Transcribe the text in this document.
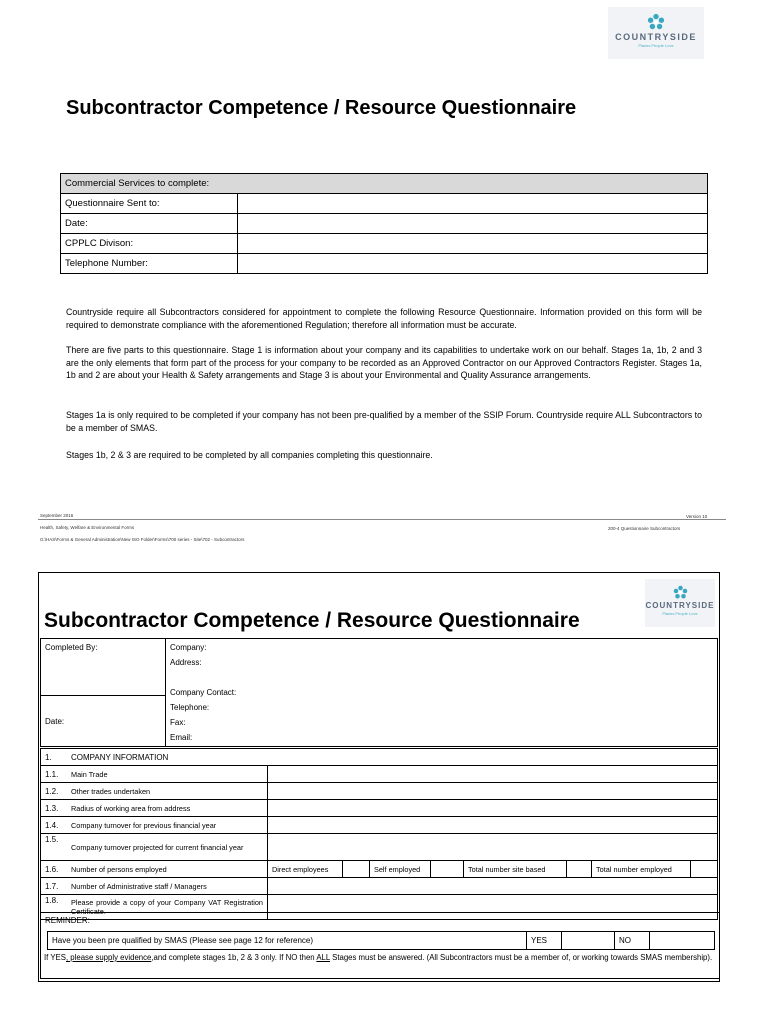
COUNTRYSIDE
Places People Love
Subcontractor Competence / Resource Questionnaire
Commercial Services to complete:	
Questionnaire Sent to:	
Date:	
CPPLC Divison:	
Telephone Number:	
Countryside require all Subcontractors considered for appointment to complete the following Resource Questionnaire. Information provided on this form will be required to demonstrate compliance with the aforementioned Regulation; therefore all information must be accurate.
There are five parts to this questionnaire. Stage 1 is information about your company and its capabilities to undertake work on our behalf. Stages 1a, 1b, 2 and 3 are the only elements that form part of the process for your company to be recorded as an Approved Contractor on our Approved Contractors Register. Stages 1a, 1b and 2 are about your Health & Safety arrangements and Stage 3 is about your Environmental and Quality Assurance arrangements.
Stages 1a is only required to be completed if your company has not been pre-qualified by a member of the SSIP Forum. Countryside require ALL Subcontractors to be a member of SMAS.
Stages 1b, 2 & 3 are required to be completed by all companies completing this questionnaire.
September 2016	Version 10
Health, Safety, Welfare & Environmental Forms	200-4 Questionnaire Subcontractors
G:\HAS\Forms & General Administration\New ISO Folder\Forms\700 series - Site\702 - Subcontractors
COUNTRYSIDE
Places People Love
Subcontractor Competence / Resource Questionnaire
Completed By:	Company:
Address:
Company Contact:
Telephone:
Fax:
Email:

Date:
1.	COMPANY INFORMATION								
1.1.	Main Trade								
1.2.	Other trades undertaken								
1.3.	Radius of working area from address								
1.4.	Company turnover for previous financial year								
1.5.	Company turnover projected for current financial year								
1.6.	Number of persons employed	Direct employees		Self employed		Total number site based		Total number employed	
1.7.	Number of Administrative staff / Managers								
1.8.	Please provide a copy of your Company VAT Registration Certificate.								
REMINDER:
Have you been pre qualified by SMAS (Please see page 12 for reference)	YES		NO	
If YES, please supply evidence,and complete stages 1b, 2 & 3 only. If NO then ALL Stages must be answered. (All Subcontractors must be a member of, or working towards SMAS membership).
